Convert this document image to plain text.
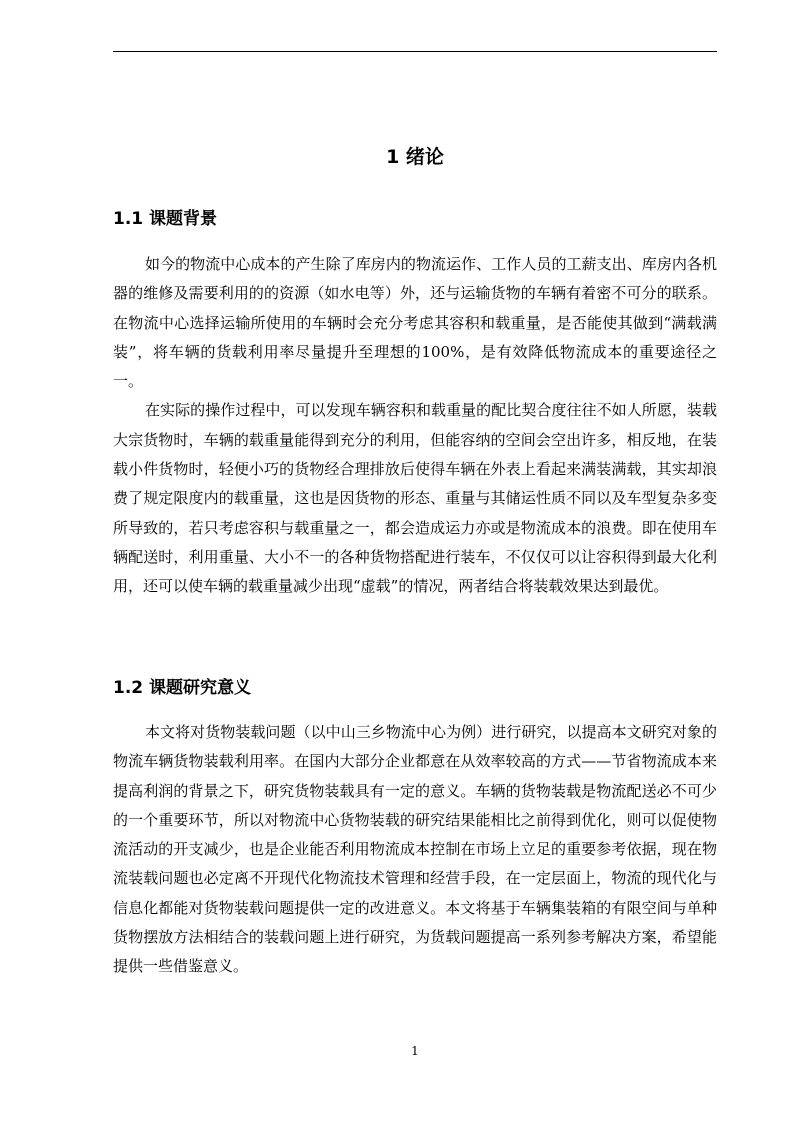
1 绪论
1.1 课题背景

如今的物流中心成本的产生除了库房内的物流运作、工作人员的工薪支出、库房内各机器的维修及需要利用的的资源（如水电等）外，还与运输货物的车辆有着密不可分的联系。在物流中心选择运输所使用的车辆时会充分考虑其容积和载重量，是否能使其做到“满载满装”，将车辆的货载利用率尽量提升至理想的100%，是有效降低物流成本的重要途径之一。

在实际的操作过程中，可以发现车辆容积和载重量的配比契合度往往不如人所愿，装载大宗货物时，车辆的载重量能得到充分的利用，但能容纳的空间会空出许多，相反地，在装载小件货物时，轻便小巧的货物经合理排放后使得车辆在外表上看起来满装满载，其实却浪费了规定限度内的载重量，这也是因货物的形态、重量与其储运性质不同以及车型复杂多变所导致的，若只考虑容积与载重量之一，都会造成运力亦或是物流成本的浪费。即在使用车辆配送时，利用重量、大小不一的各种货物搭配进行装车，不仅仅可以让容积得到最大化利用，还可以使车辆的载重量减少出现“虚载”的情况，两者结合将装载效果达到最优。

1.2 课题研究意义

本文将对货物装载问题（以中山三乡物流中心为例）进行研究，以提高本文研究对象的物流车辆货物装载利用率。在国内大部分企业都意在从效率较高的方式——节省物流成本来提高利润的背景之下，研究货物装载具有一定的意义。车辆的货物装载是物流配送必不可少的一个重要环节，所以对物流中心货物装载的研究结果能相比之前得到优化，则可以促使物流活动的开支减少，也是企业能否利用物流成本控制在市场上立足的重要参考依据，现在物流装载问题也必定离不开现代化物流技术管理和经营手段，在一定层面上，物流的现代化与信息化都能对货物装载问题提供一定的改进意义。本文将基于车辆集装箱的有限空间与单种货物摆放方法相结合的装载问题上进行研究，为货载问题提高一系列参考解决方案，希望能提供一些借鉴意义。

1
